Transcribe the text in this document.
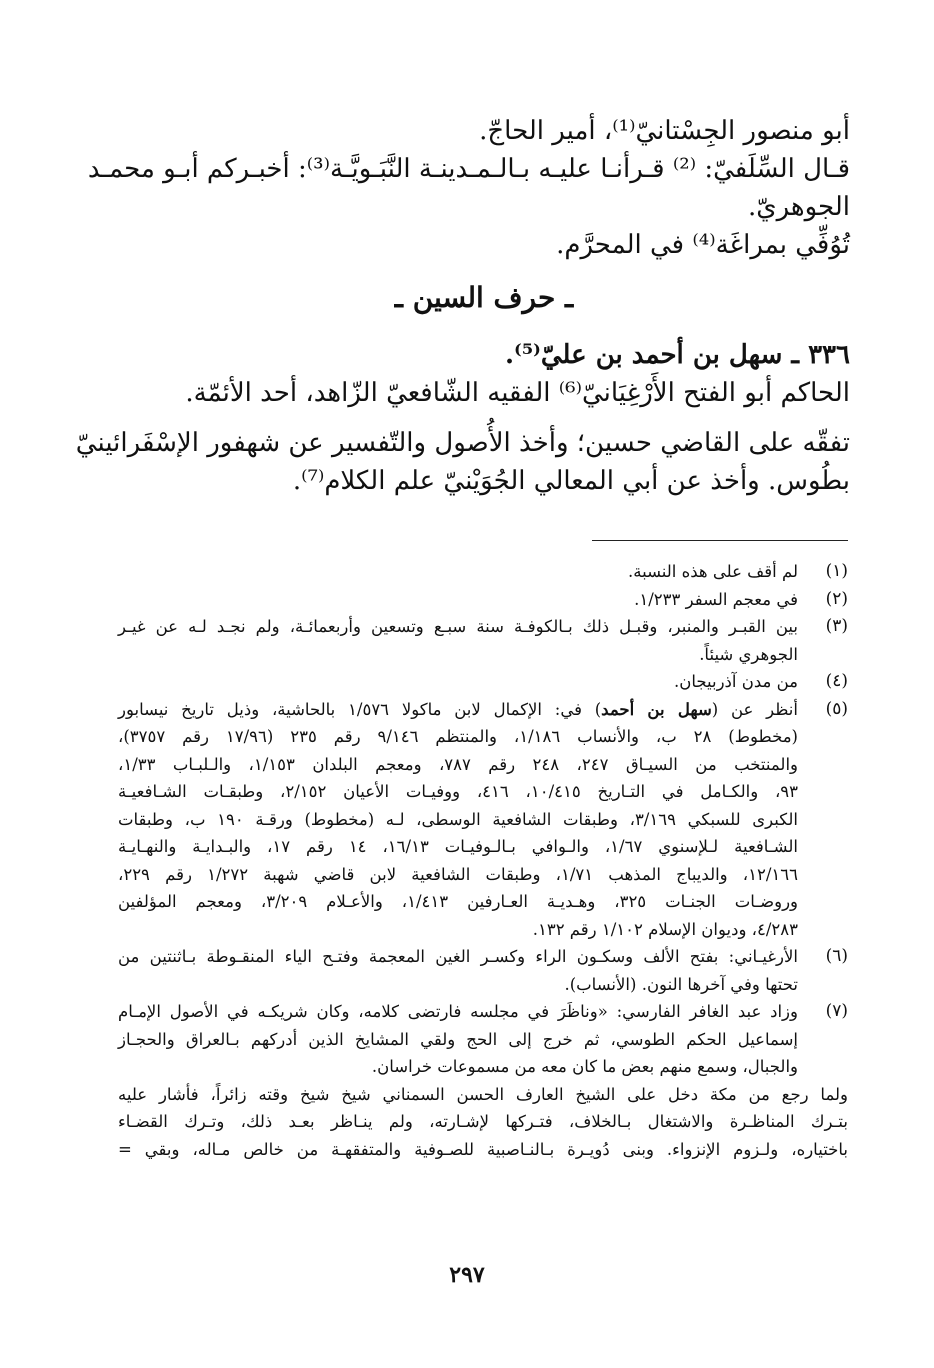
أبو منصور الجِسْتانيّ⁽¹⁾، أمير الحاجّ.
قـال السِّلَفيّ: ⁽²⁾ قـرأنـا عليـه بـالـمـدينـة النَّبَـويَّـة⁽³⁾: أخبـركم أبـو محمـد
الجوهريّ.
تُوُفِّي بمراغَة⁽⁴⁾ في المحرَّم.
ـ حرف السين ـ
٣٣٦ ـ سهل بن أحمد بن عليّ⁽⁵⁾.
الحاكم أبو الفتح الأَرْغِيَانيّ⁽⁶⁾ الفقيه الشّافعيّ الزّاهد، أحد الأئمّة.
تفقّه على القاضي حسين؛ وأخذ الأُصول والتّفسير عن شهفور الإسْفَرائينيّ
بطُوس. وأخذ عن أبي المعالي الجُوَيْنيّ علم الكلام⁽⁷⁾.
(١)
لم أقف على هذه النسبة.
(٢)
في معجم السفر ١/٢٣٣.
(٣)
بين القبـر والمنبر، وقبـل ذلك بـالكوفـة سنة سبـع وتسعين وأربعمائـة، ولم نجـد لـه عن غيـر
الجوهري شيئاً.
(٤)
من مدن آذربيجان.
(٥)
أنظر عن (سهل بن أحمد) في: الإكمال لابن ماكولا ١/٥٧٦ بالحاشية، وذيل تاريخ نيسابور
(مخطوط) ٢٨ ب، والأنساب ١/١٨٦، والمنتظم ٩/١٤٦ رقم ٢٣٥ (١٧/٩٦ رقم ٣٧٥٧)،
والمنتخب من السيـاق ٢٤٧، ٢٤٨ رقم ٧٨٧، ومعجم البلدان ١/١٥٣، والـلبـاب ١/٣٣،
٩٣، والكـامل في التـاريخ ١٠/٤١٥، ٤١٦، ووفيـات الأعيان ٢/١٥٢، وطبقـات الشـافعيـة
الكبرى للسبكي ٣/١٦٩، وطبقات الشافعية الوسطى، لـه (مخطوط) ورقـة ١٩٠ ب، وطبقات
الشـافعية لـلإسنوي ١/٦٧، والـوافي بـالـوفيـات ١٦/١٣، ١٤ رقم ١٧، والبـدايـة والنهـايـة
١٢/١٦٦، والديباج المذهب ١/٧١، وطبقات الشافعية لابن قاضي شهبة ١/٢٧٢ رقم ٢٢٩،
وروضـات الجنـات ٣٢٥، وهـديـة العـارفين ١/٤١٣، والأعـلام ٣/٢٠٩، ومعجم المؤلفين
٤/٢٨٣، وديوان الإسلام ١/١٠٢ رقم ١٣٢.
(٦)
الأرغيـاني: بفتح الألف وسكـون الراء وكسـر الغين المعجمة وفتـح الياء المنقـوطة بـاثنتين من
تحتها وفي آخرها النون. (الأنساب).
(٧)
وزاد عبد الغافر الفارسي: «وناظَرَ في مجلسه فارتضى كلامه، وكان شريكـه في الأصول الإمـام
إسماعيل الحكم الطوسي، ثم خرج إلى الحج ولقي المشايخ الذين أدركهم بـالعراق والحجـاز
والجبال، وسمع منهم بعض ما كان معه من مسموعات خراسان.
ولما رجع من مكة دخل على الشيخ العارف الحسن السمناني شيخ شيخ وقته زائراً، فأشار عليه
بتـرك المناظـرة والاشتغال بـالخلاف، فتـركها لإشـارته، ولم ينـاظر بعـد ذلك، وتـرك القضـاء
باختياره، ولـزوم الإنزواء. وبنى دُويـرة بـالنـاصبية للصـوفية والمتفقهـة من خالص مـاله، وبقي =
٢٩٧
